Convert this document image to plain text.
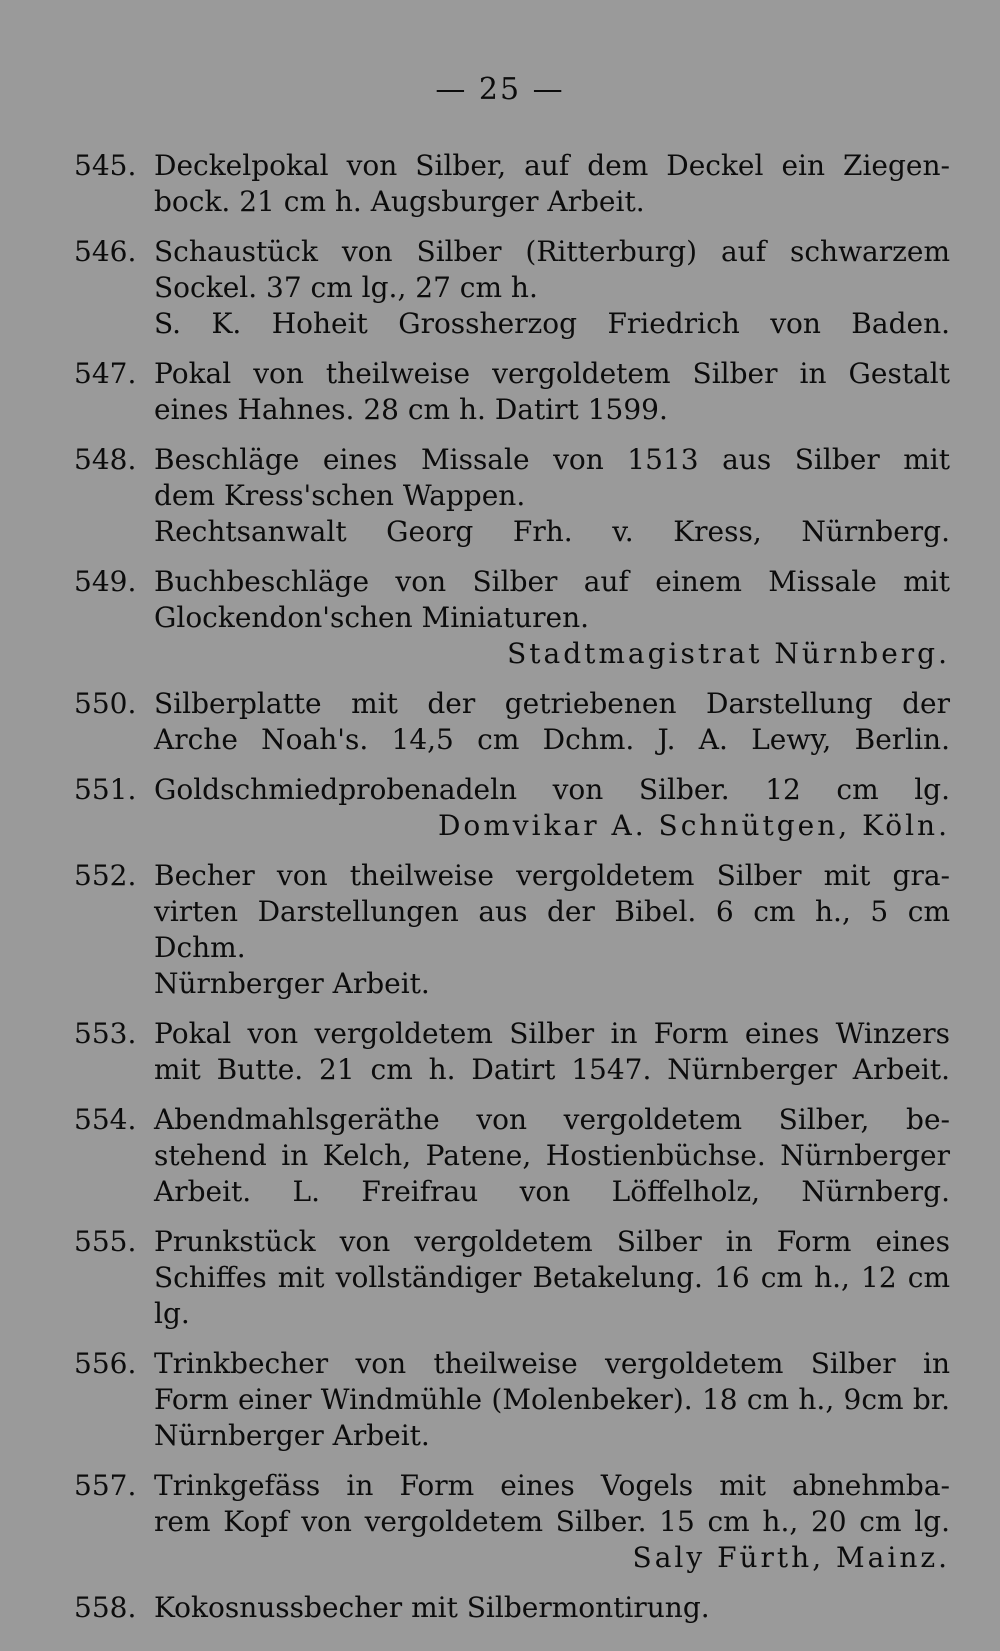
— 25 —
545. Deckelpokal von Silber, auf dem Deckel ein Ziegen-
bock. 21 cm h. Augsburger Arbeit.
546. Schaustück von Silber (Ritterburg) auf schwarzem
Sockel. 37 cm lg., 27 cm h.
S. K. Hoheit Grossherzog Friedrich von Baden.
547. Pokal von theilweise vergoldetem Silber in Gestalt
eines Hahnes. 28 cm h. Datirt 1599.
548. Beschläge eines Missale von 1513 aus Silber mit
dem Kress'schen Wappen.
Rechtsanwalt Georg Frh. v. Kress, Nürnberg.
549. Buchbeschläge von Silber auf einem Missale mit
Glockendon'schen Miniaturen.
Stadtmagistrat Nürnberg.
550. Silberplatte mit der getriebenen Darstellung der
Arche Noah's. 14,5 cm Dchm. J. A. Lewy, Berlin.
551. Goldschmiedprobenadeln von Silber. 12 cm lg.
Domvikar A. Schnütgen, Köln.
552. Becher von theilweise vergoldetem Silber mit gra-
virten Darstellungen aus der Bibel. 6 cm h., 5 cm Dchm.
Nürnberger Arbeit.
553. Pokal von vergoldetem Silber in Form eines Winzers
mit Butte. 21 cm h. Datirt 1547. Nürnberger Arbeit.
554. Abendmahlsgeräthe von vergoldetem Silber, be-
stehend in Kelch, Patene, Hostienbüchse. Nürnberger
Arbeit. L. Freifrau von Löffelholz, Nürnberg.
555. Prunkstück von vergoldetem Silber in Form eines
Schiffes mit vollständiger Betakelung. 16 cm h., 12 cm lg.
556. Trinkbecher von theilweise vergoldetem Silber in
Form einer Windmühle (Molenbeker). 18 cm h., 9cm br.
Nürnberger Arbeit.
557. Trinkgefäss in Form eines Vogels mit abnehmba-
rem Kopf von vergoldetem Silber. 15 cm h., 20 cm lg.
Saly Fürth, Mainz.
558. Kokosnussbecher mit Silbermontirung.
